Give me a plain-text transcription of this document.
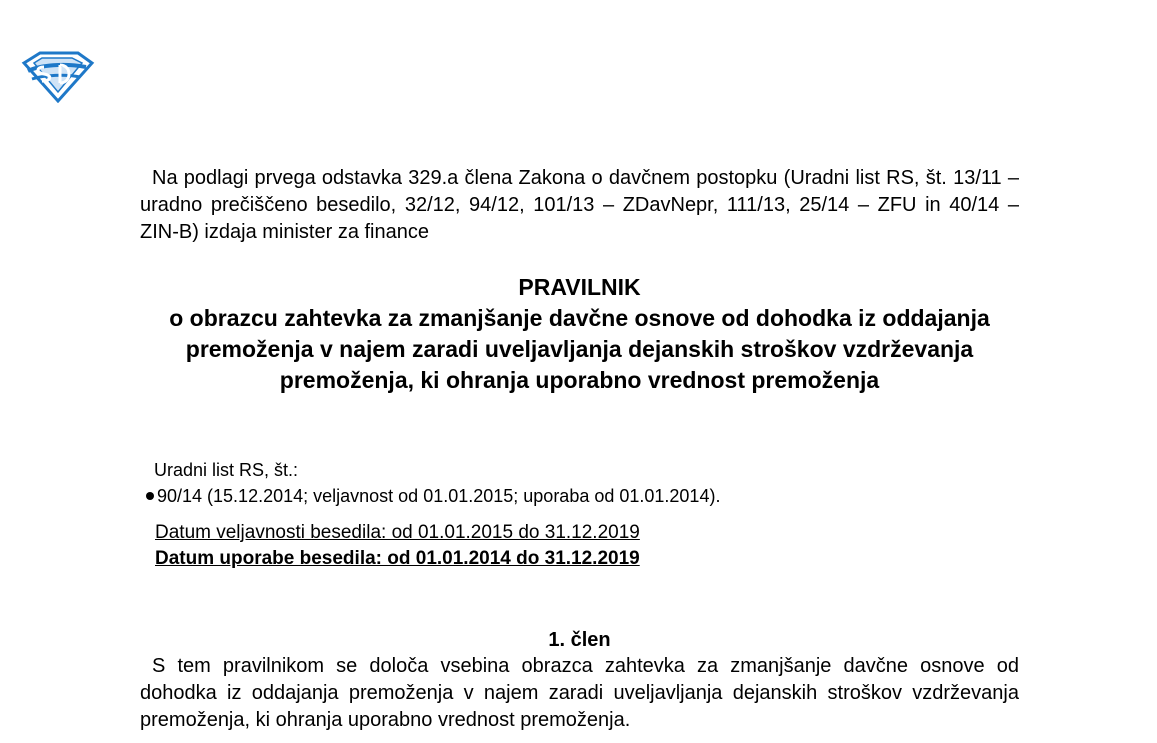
Na podlagi prvega odstavka 329.a člena Zakona o davčnem postopku (Uradni list RS, št. 13/11 – uradno prečiščeno besedilo, 32/12, 94/12, 101/13 – ZDavNepr, 111/13, 25/14 – ZFU in 40/14 – ZIN-B) izdaja minister za finance

PRAVILNIK
o obrazcu zahtevka za zmanjšanje davčne osnove od dohodka iz oddajanja premoženja v najem zaradi uveljavljanja dejanskih stroškov vzdrževanja premoženja, ki ohranja uporabno vrednost premoženja
Uradni list RS, št.:
90/14 (15.12.2014; veljavnost od 01.01.2015; uporaba od 01.01.2014).
Datum veljavnosti besedila: od 01.01.2015 do 31.12.2019
Datum uporabe besedila: od 01.01.2014 do 31.12.2019
1. člen

S tem pravilnikom se določa vsebina obrazca zahtevka za zmanjšanje davčne osnove od dohodka iz oddajanja premoženja v najem zaradi uveljavljanja dejanskih stroškov vzdrževanja premoženja, ki ohranja uporabno vrednost premoženja.
